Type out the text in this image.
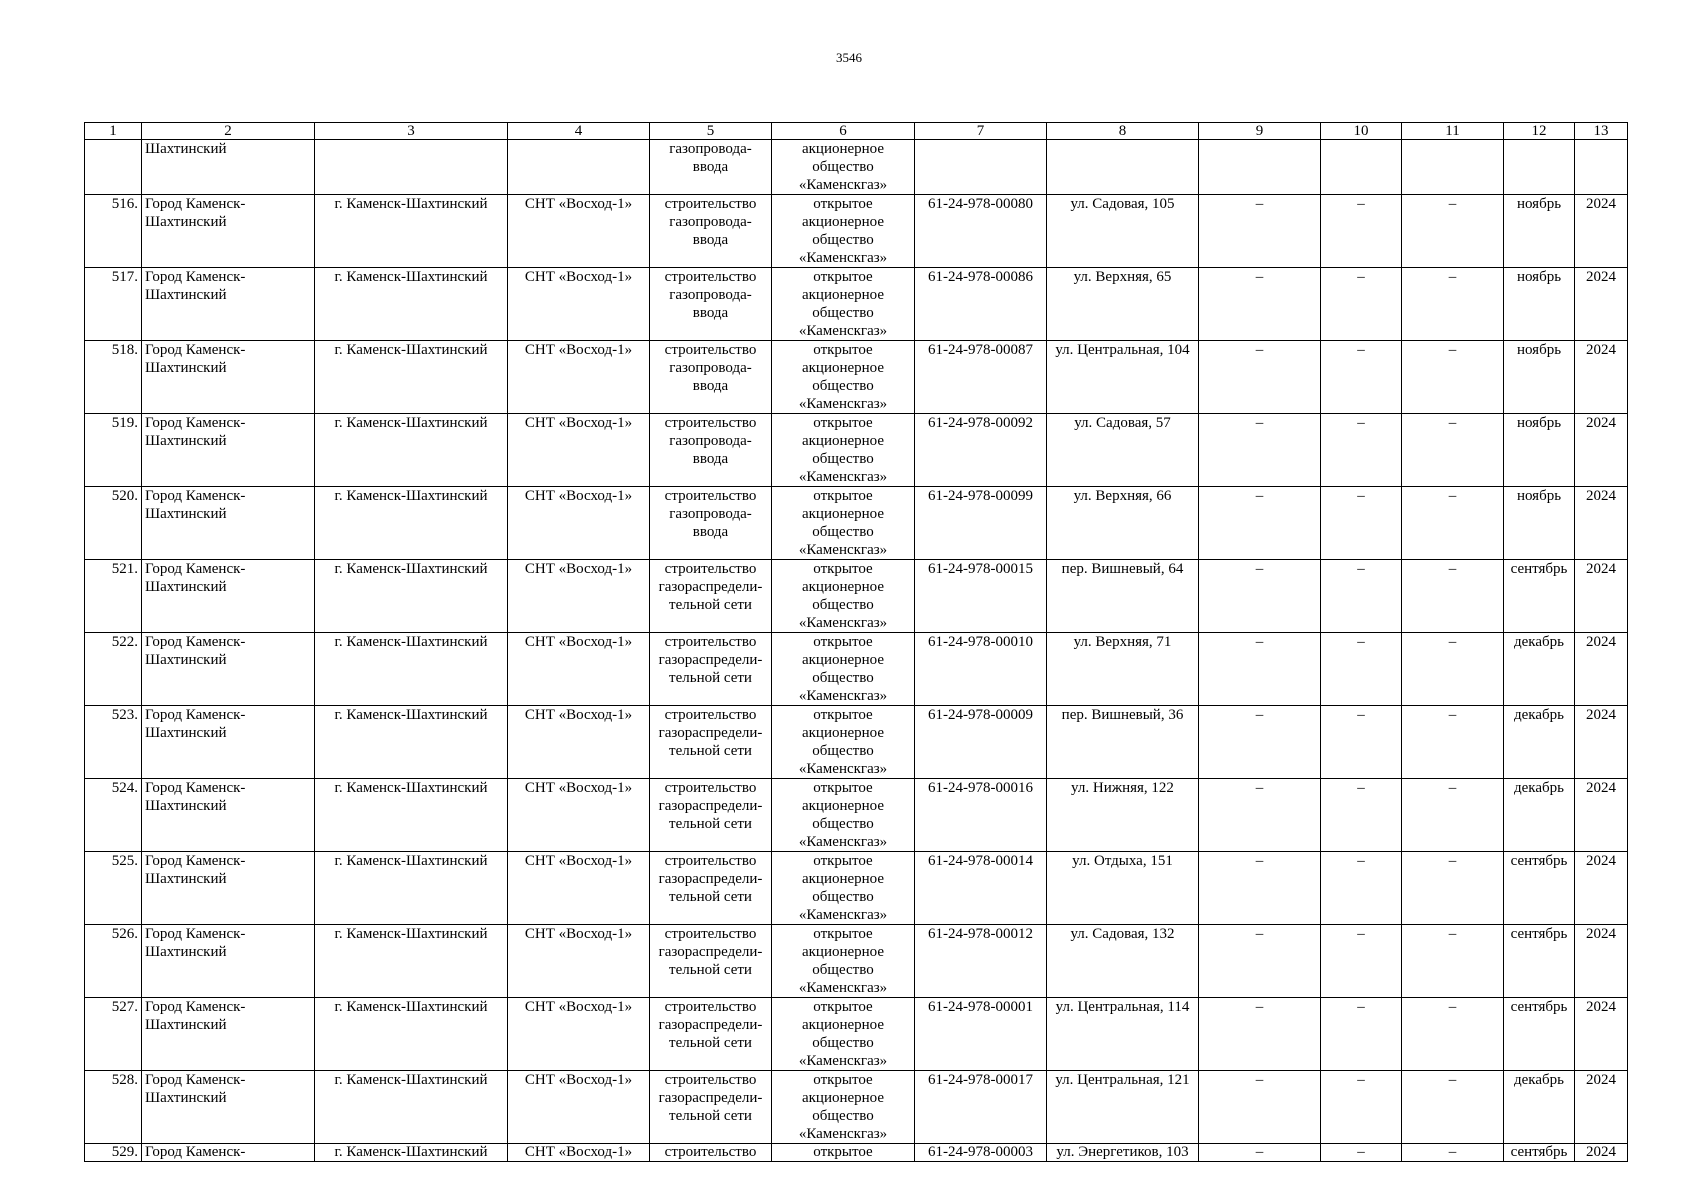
3546
1	2	3	4	5	6	7	8	9	10	11	12	13
	Шахтинский			газопровода-
ввода	акционерное
общество
«Каменскгаз»							
516.	Город Каменск-
Шахтинский	г. Каменск-Шахтинский	СНТ «Восход-1»	строительство
газопровода-
ввода	открытое
акционерное
общество
«Каменскгаз»	61-24-978-00080	ул. Садовая, 105	–	–	–	ноябрь	2024
517.	Город Каменск-
Шахтинский	г. Каменск-Шахтинский	СНТ «Восход-1»	строительство
газопровода-
ввода	открытое
акционерное
общество
«Каменскгаз»	61-24-978-00086	ул. Верхняя, 65	–	–	–	ноябрь	2024
518.	Город Каменск-
Шахтинский	г. Каменск-Шахтинский	СНТ «Восход-1»	строительство
газопровода-
ввода	открытое
акционерное
общество
«Каменскгаз»	61-24-978-00087	ул. Центральная, 104	–	–	–	ноябрь	2024
519.	Город Каменск-
Шахтинский	г. Каменск-Шахтинский	СНТ «Восход-1»	строительство
газопровода-
ввода	открытое
акционерное
общество
«Каменскгаз»	61-24-978-00092	ул. Садовая, 57	–	–	–	ноябрь	2024
520.	Город Каменск-
Шахтинский	г. Каменск-Шахтинский	СНТ «Восход-1»	строительство
газопровода-
ввода	открытое
акционерное
общество
«Каменскгаз»	61-24-978-00099	ул. Верхняя, 66	–	–	–	ноябрь	2024
521.	Город Каменск-
Шахтинский	г. Каменск-Шахтинский	СНТ «Восход-1»	строительство
газораспредели-
тельной сети	открытое
акционерное
общество
«Каменскгаз»	61-24-978-00015	пер. Вишневый, 64	–	–	–	сентябрь	2024
522.	Город Каменск-
Шахтинский	г. Каменск-Шахтинский	СНТ «Восход-1»	строительство
газораспредели-
тельной сети	открытое
акционерное
общество
«Каменскгаз»	61-24-978-00010	ул. Верхняя, 71	–	–	–	декабрь	2024
523.	Город Каменск-
Шахтинский	г. Каменск-Шахтинский	СНТ «Восход-1»	строительство
газораспредели-
тельной сети	открытое
акционерное
общество
«Каменскгаз»	61-24-978-00009	пер. Вишневый, 36	–	–	–	декабрь	2024
524.	Город Каменск-
Шахтинский	г. Каменск-Шахтинский	СНТ «Восход-1»	строительство
газораспредели-
тельной сети	открытое
акционерное
общество
«Каменскгаз»	61-24-978-00016	ул. Нижняя, 122	–	–	–	декабрь	2024
525.	Город Каменск-
Шахтинский	г. Каменск-Шахтинский	СНТ «Восход-1»	строительство
газораспредели-
тельной сети	открытое
акционерное
общество
«Каменскгаз»	61-24-978-00014	ул. Отдыха, 151	–	–	–	сентябрь	2024
526.	Город Каменск-
Шахтинский	г. Каменск-Шахтинский	СНТ «Восход-1»	строительство
газораспредели-
тельной сети	открытое
акционерное
общество
«Каменскгаз»	61-24-978-00012	ул. Садовая, 132	–	–	–	сентябрь	2024
527.	Город Каменск-
Шахтинский	г. Каменск-Шахтинский	СНТ «Восход-1»	строительство
газораспредели-
тельной сети	открытое
акционерное
общество
«Каменскгаз»	61-24-978-00001	ул. Центральная, 114	–	–	–	сентябрь	2024
528.	Город Каменск-
Шахтинский	г. Каменск-Шахтинский	СНТ «Восход-1»	строительство
газораспредели-
тельной сети	открытое
акционерное
общество
«Каменскгаз»	61-24-978-00017	ул. Центральная, 121	–	–	–	декабрь	2024
529.	Город Каменск-	г. Каменск-Шахтинский	СНТ «Восход-1»	строительство	открытое	61-24-978-00003	ул. Энергетиков, 103	–	–	–	сентябрь	2024
